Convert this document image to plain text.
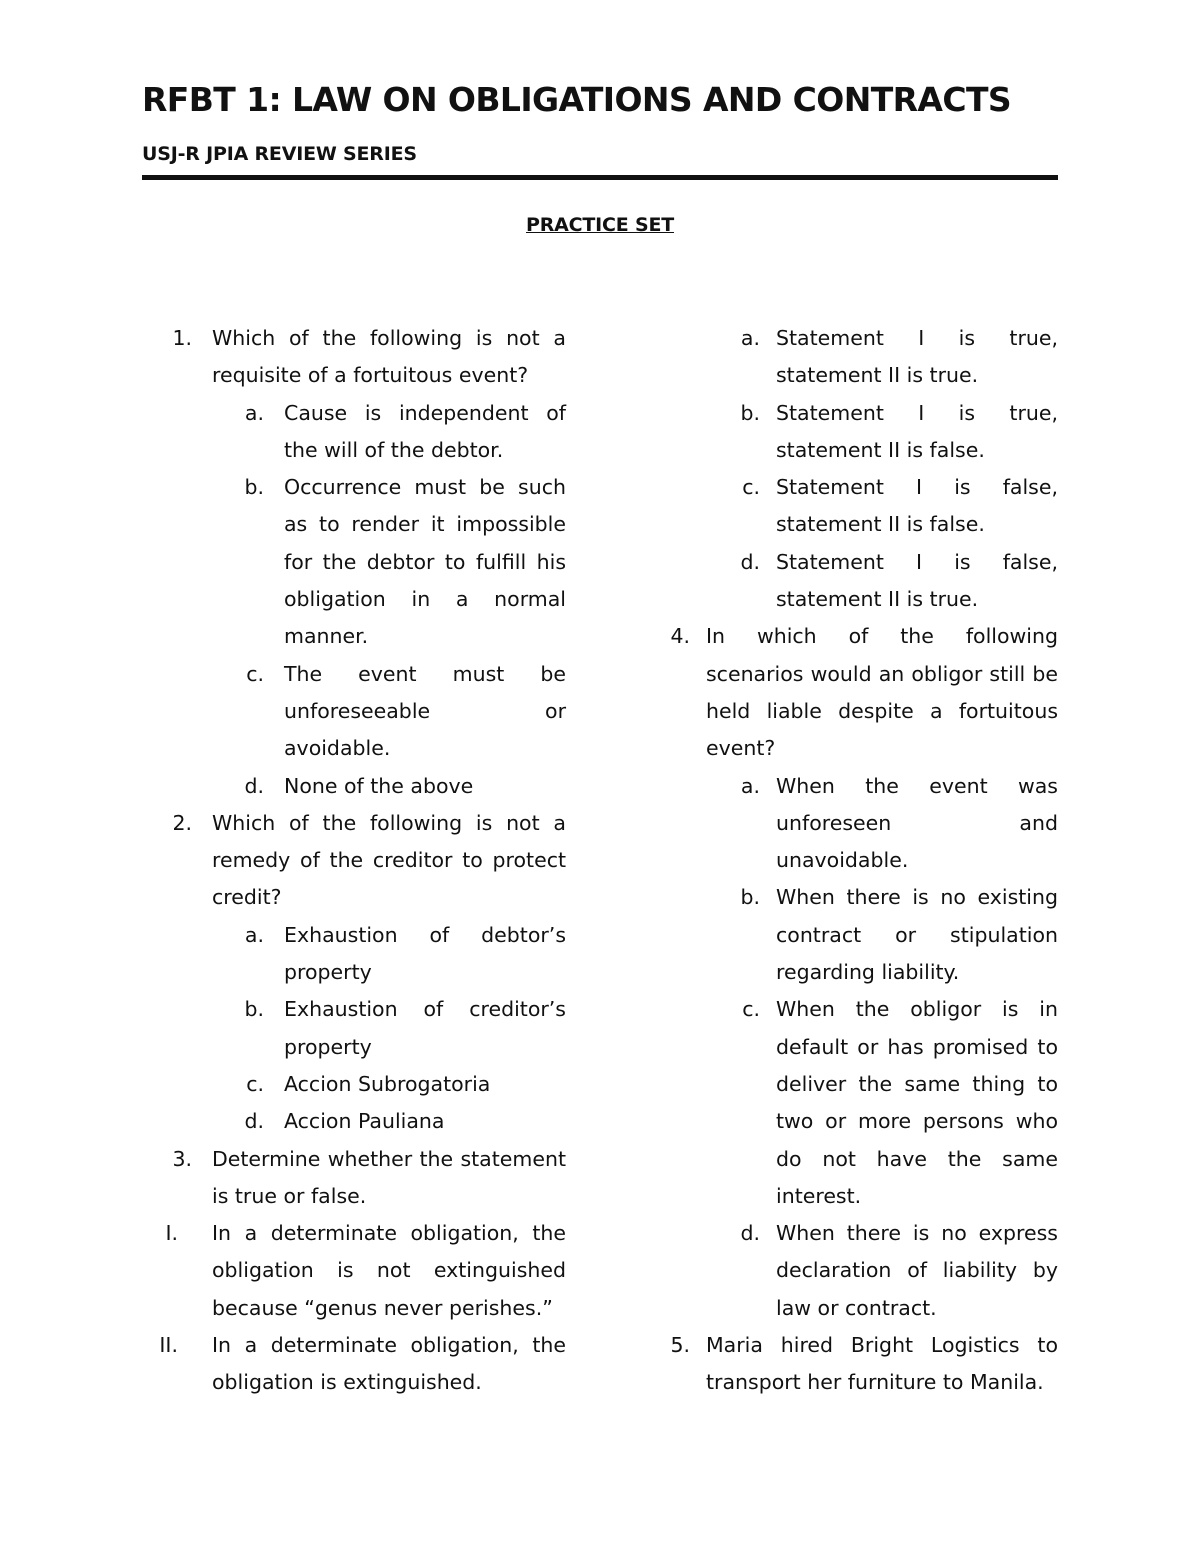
RFBT 1: LAW ON OBLIGATIONS AND CONTRACTS
USJ-R JPIA REVIEW SERIES
PRACTICE SET
1. Which of the following is not a requisite of a fortuitous event?
a. Cause is independent of the will of the debtor.
b. Occurrence must be such as to render it impossible for the debtor to fulfill his obligation in a normal manner.
c. The event must be unforeseeable or avoidable.
d. None of the above
2. Which of the following is not a remedy of the creditor to protect credit?
a. Exhaustion of debtor’s property
b. Exhaustion of creditor’s property
c. Accion Subrogatoria
d. Accion Pauliana
3. Determine whether the statement is true or false.
I. In a determinate obligation, the obligation is not extinguished because “genus never perishes.”
II. In a determinate obligation, the obligation is extinguished.
a. Statement I is true, statement II is true.
b. Statement I is true, statement II is false.
c. Statement I is false, statement II is false.
d. Statement I is false, statement II is true.
4. In which of the following scenarios would an obligor still be held liable despite a fortuitous event?
a. When the event was unforeseen and unavoidable.
b. When there is no existing contract or stipulation regarding liability.
c. When the obligor is in default or has promised to deliver the same thing to two or more persons who do not have the same interest.
d. When there is no express declaration of liability by law or contract.
5. Maria hired Bright Logistics to transport her furniture to Manila.
